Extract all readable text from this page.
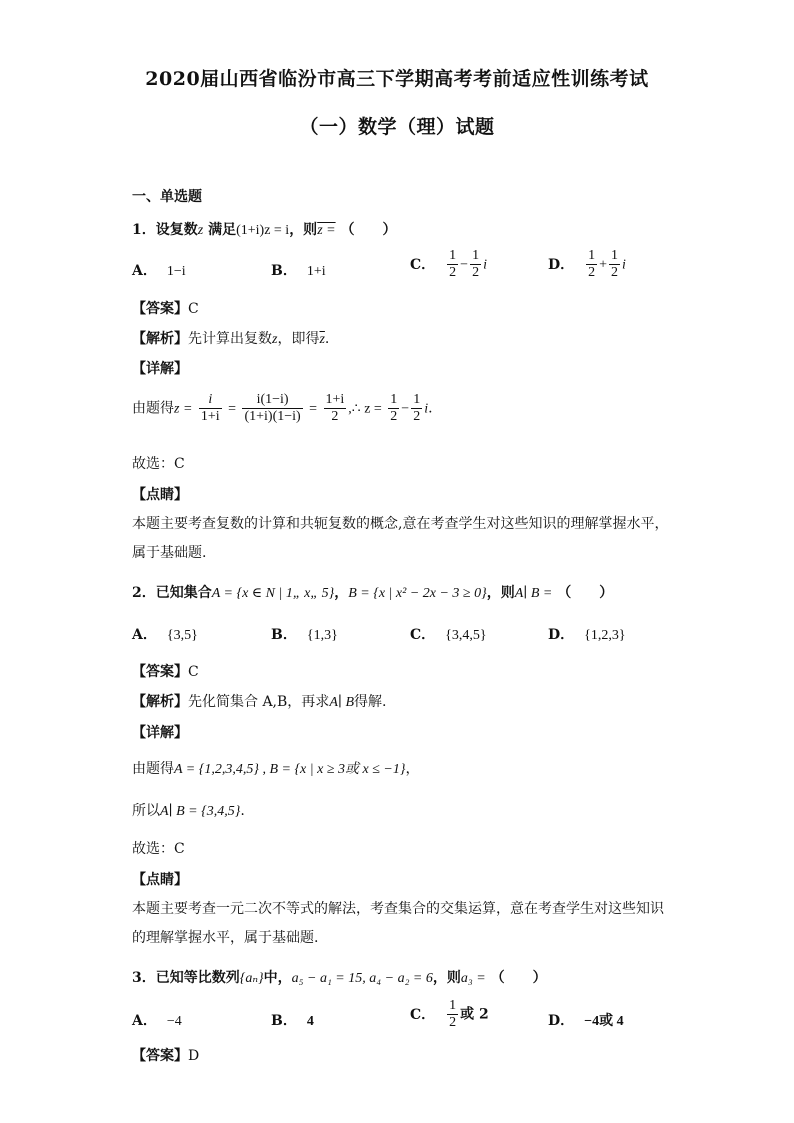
2020届山西省临汾市高三下学期高考考前适应性训练考试
（一）数学（理）试题
一、单选题
1．设复数z 满足(1+i)z = i，则z = （　　）
A． 1−i	B． 1+i	C． $\frac{1}{2} - \frac{1}{2}$ i	D． $\frac{1}{2} + \frac{1}{2}$ i
【答案】C
【解析】先计算出复数z，即得$\overline{z}$.
【详解】
由题得$z = \frac{i}{1+i} = \frac{i(1-i)}{(1+i)(1-i)} = \frac{1+i}{2}$ ,∴ $z = \frac{1}{2} - \frac{1}{2} i$.
故选：C
【点睛】
本题主要考查复数的计算和共轭复数的概念,意在考查学生对这些知识的理解掌握水平，属于基础题.
2．已知集合A = {x ∈ N | 1„ x„ 5}，B = {x | x² − 2x − 3 ≥ 0}，则A∣ B = （　　）
A． {3,5}	B． {1,3}	C． {3,4,5}	D． {1,2,3}
【答案】C
【解析】先化简集合 A,B，再求A∣ B得解.
【详解】
由题得A = {1,2,3,4,5} , B = {x | x ≥ 3或 x ≤ −1}，
所以A∣ B = {3,4,5}.
故选：C
【点睛】
本题主要考查一元二次不等式的解法，考查集合的交集运算，意在考查学生对这些知识的理解掌握水平，属于基础题.
3．已知等比数列{aₙ}中，a₅ − a₁ = 15, a₄ − a₂ = 6，则a₃ = （　　）
A． −4	B． 4	C． $\frac{1}{2}$ 或 2	D． −4或 4
【答案】D
